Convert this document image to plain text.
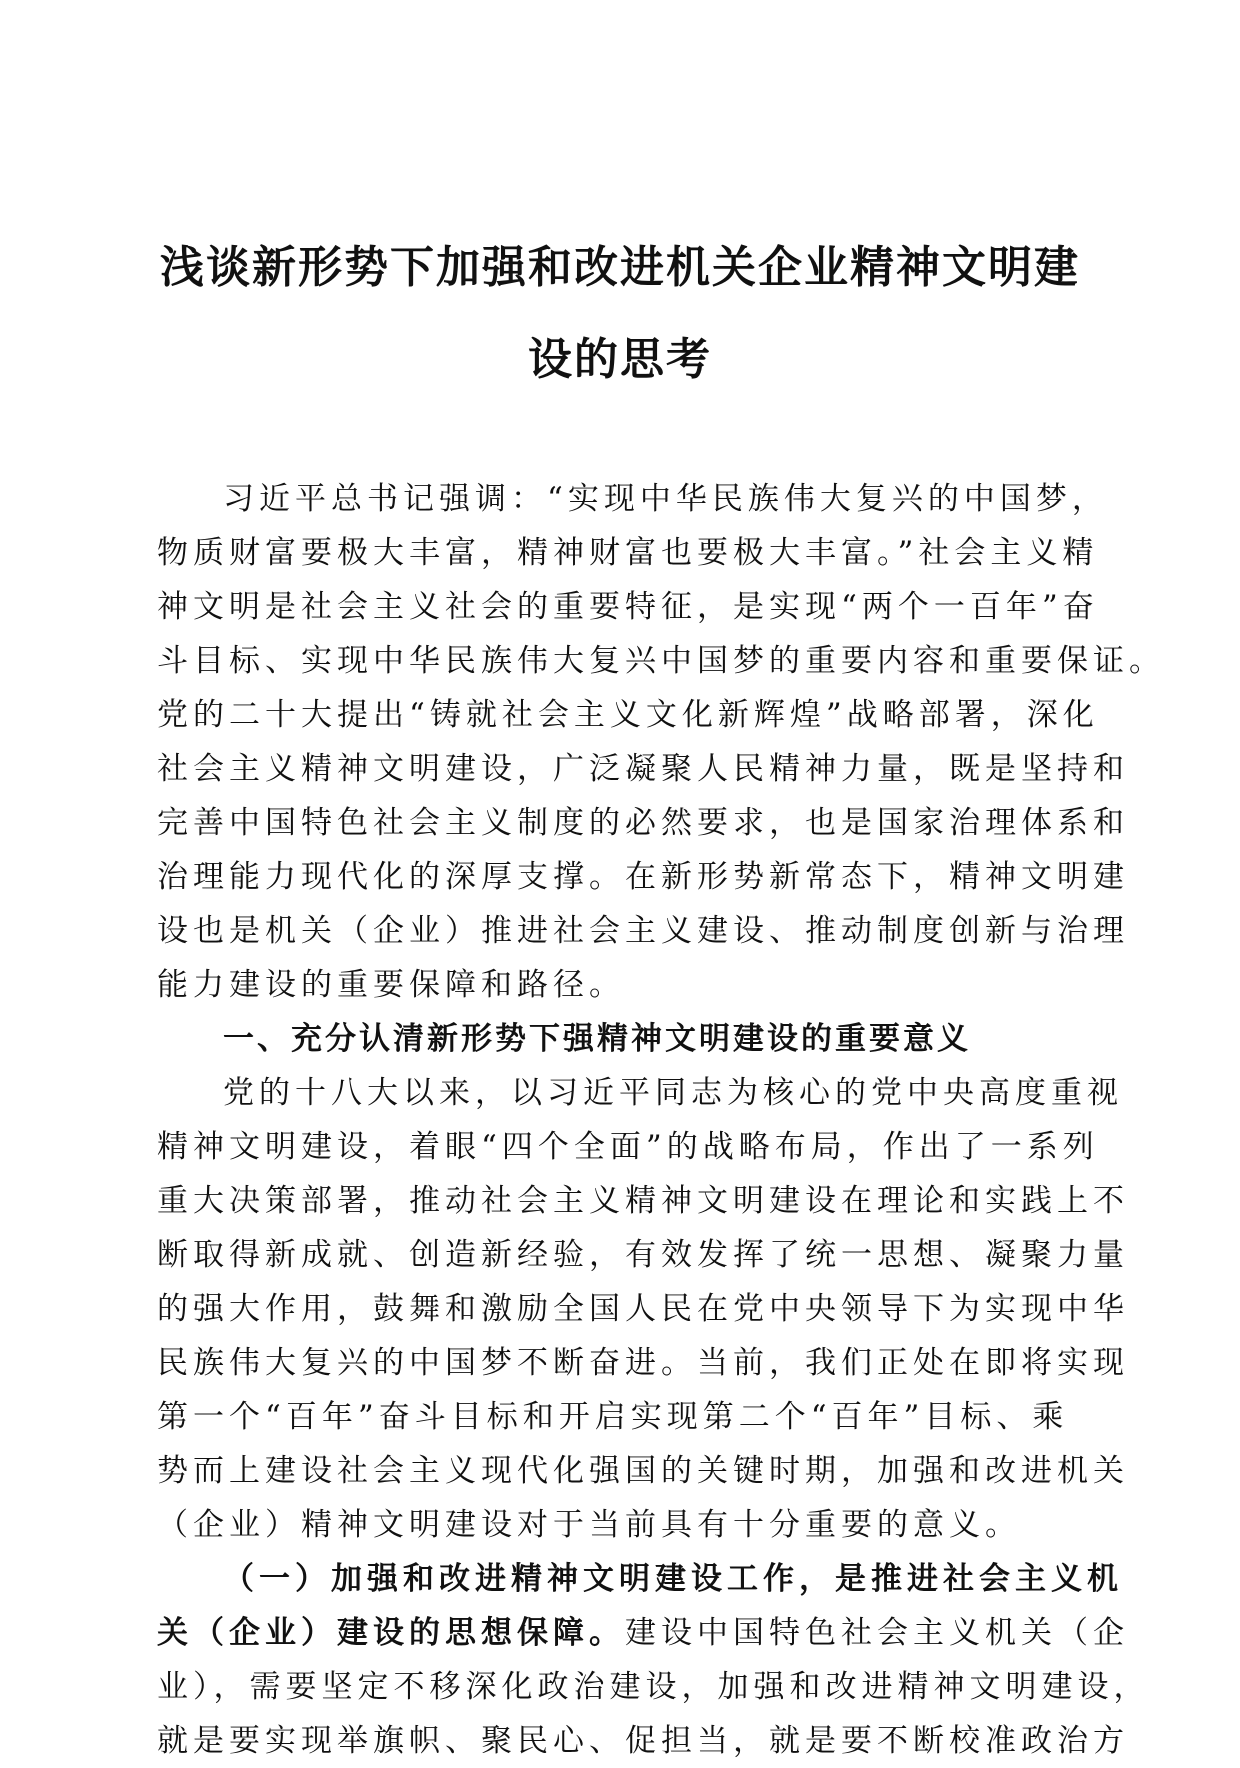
浅谈新形势下加强和改进机关企业精神文明建
设的思考

习近平总书记强调：“实现中华民族伟大复兴的中国梦，
物质财富要极大丰富，精神财富也要极大丰富。”社会主义精
神文明是社会主义社会的重要特征，是实现“两个一百年”奋
斗目标、实现中华民族伟大复兴中国梦的重要内容和重要保证。
党的二十大提出“铸就社会主义文化新辉煌”战略部署，深化
社会主义精神文明建设，广泛凝聚人民精神力量，既是坚持和
完善中国特色社会主义制度的必然要求，也是国家治理体系和
治理能力现代化的深厚支撑。在新形势新常态下，精神文明建
设也是机关（企业）推进社会主义建设、推动制度创新与治理
能力建设的重要保障和路径。

一、充分认清新形势下强精神文明建设的重要意义

党的十八大以来，以习近平同志为核心的党中央高度重视
精神文明建设，着眼“四个全面”的战略布局，作出了一系列
重大决策部署，推动社会主义精神文明建设在理论和实践上不
断取得新成就、创造新经验，有效发挥了统一思想、凝聚力量
的强大作用，鼓舞和激励全国人民在党中央领导下为实现中华
民族伟大复兴的中国梦不断奋进。当前，我们正处在即将实现
第一个“百年”奋斗目标和开启实现第二个“百年”目标、乘
势而上建设社会主义现代化强国的关键时期，加强和改进机关
（企业）精神文明建设对于当前具有十分重要的意义。

（一）加强和改进精神文明建设工作，是推进社会主义机
关（企业）建设的思想保障。建设中国特色社会主义机关（企
业），需要坚定不移深化政治建设，加强和改进精神文明建设，
就是要实现举旗帜、聚民心、促担当，就是要不断校准政治方
